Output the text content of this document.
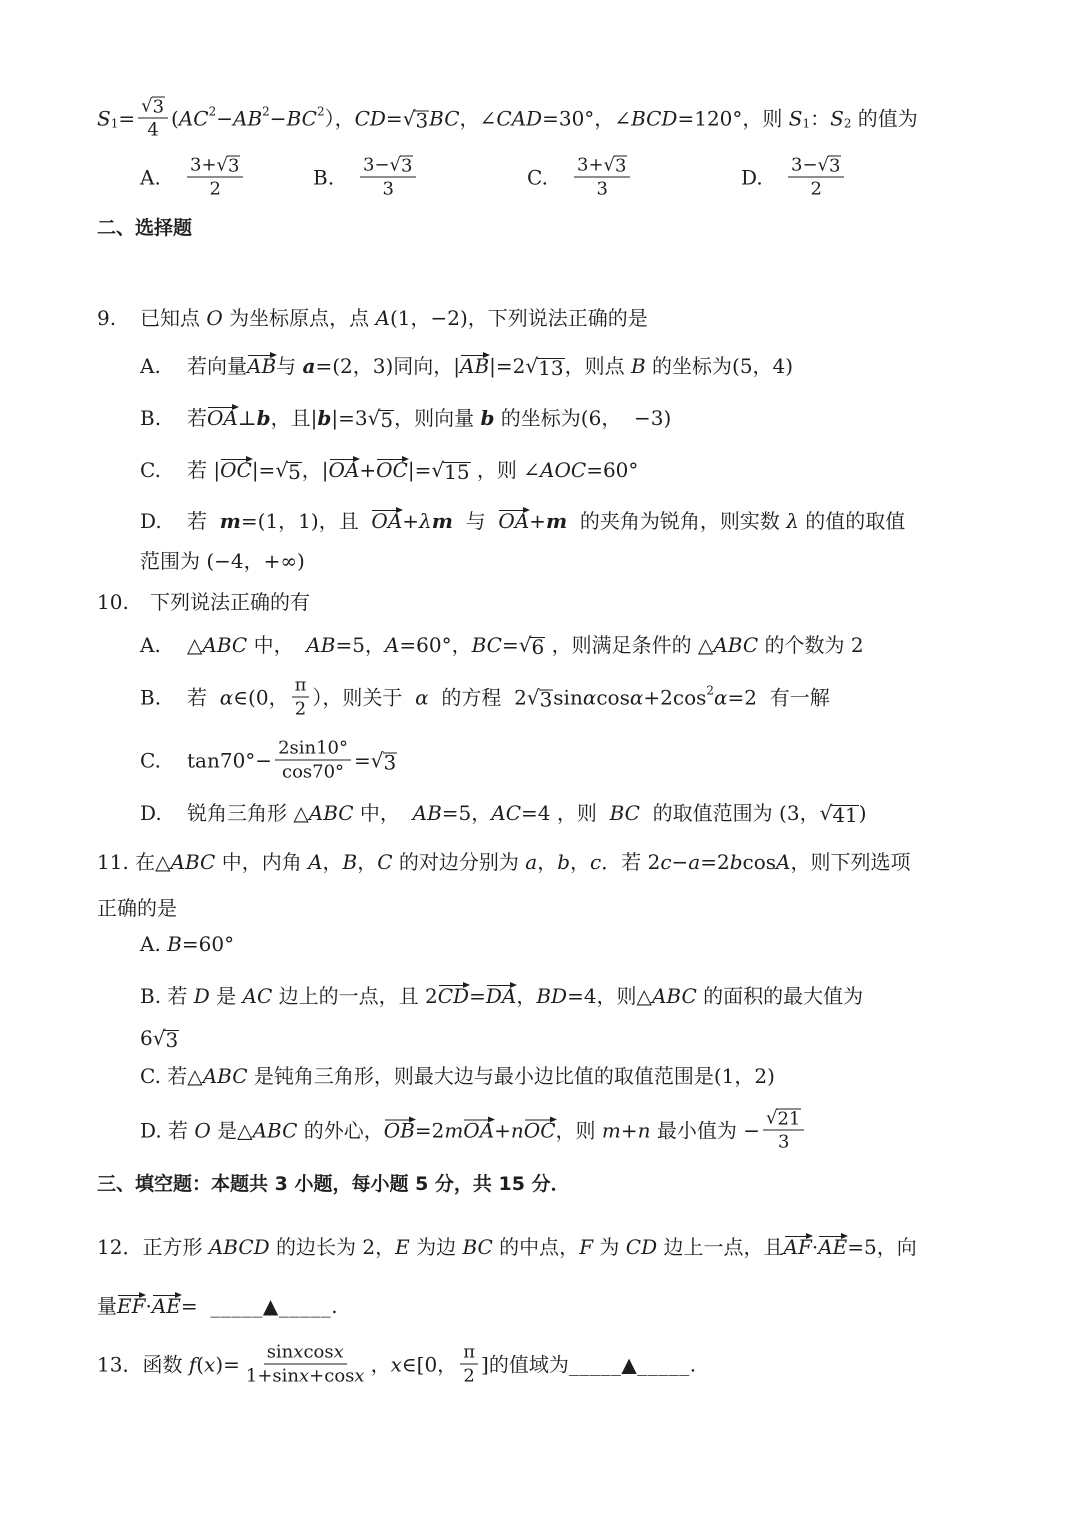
S 1 =
√ $\frac{3}{4}$ ( AC 2 − AB 2 − BC 2 ）， CD =
√ 3 BC ，∠ CAD =30°，∠ BCD =120°，则 S 1 ： S 2 的值为
A.	3+
√ 3
2	B.	3−
√ 3
3	C.	3+
√ 3
3	D.	3−
√ 3
2
二、选择题
9.	已知点 O 为坐标原点，点 A (1，−2)，下列说法正确的是
A.	若向量 AB 与 a =(2，3)同向，| AB |=2
√ 13 ，则点 B 的坐标为(5，4)
B.	若 OA ⊥ b ，且| b |=3
√ 5 ，则向量 b 的坐标为(6，  −3)
C.	若 | OC |=
√ 5 ，| OA + OC |=
√ 15 ，则 ∠ AOC =60°
D.	若 m =(1，1)，且 OA + λ m 与 OA + m 的夹角为锐角，则实数 λ 的值的取值
范围为 (−4，+∞)
10.	下列说法正确的有
A.	△ ABC 中， AB =5， A =60°， BC =
√ 6 ，则满足条件的 △ ABC 的个数为 2
B.	若 α ∈(0， $\frac{\pi}{2}$ ），则关于 α 的方程  2
√ 3 sin α cos α +2cos 2 α =2  有一解
C.	$\tan 70^\circ- \frac{2\sin 10^\circ}{\cos 70^\circ}$ =
√ 3
D.	锐角三角形 △ ABC 中， AB =5， AC =4 ，则 BC 的取值范围为 (3，
√ 41 )
11. 在△ ABC 中，内角 A ， B ， C 的对边分别为 a ， b ， c ．若 2 c − a =2 b cos A ，则下列选项
正确的是
A. B =60°
B. 若 D 是 AC 边上的一点，且 2 CD = DA ， BD =4，则△ ABC 的面积的最大值为
6
√ 3
C. 若△ ABC 是钝角三角形，则最大边与最小边比值的取值范围是(1，2)
D. 若 O 是△ ABC 的外心， OB =2 m OA + n OC ，则 m + n 最小值为 −
√ $\frac{21}{3}$
三、填空题：本题共 3 小题，每小题 5 分，共 15 分．
12．正方形 ABCD 的边长为 2， E 为边 BC 的中点， F 为 CD 边上一点，且 AF · AE =5，向
量 EF · AE = _____▲_____ .
13．函数 f ( x )= $\frac{\text{sin x cos x}}{\text{1+sin x +cos x}}$ ， x ∈[0， $\frac{\pi}{2}$ ]的值域为 _____▲_____ .
